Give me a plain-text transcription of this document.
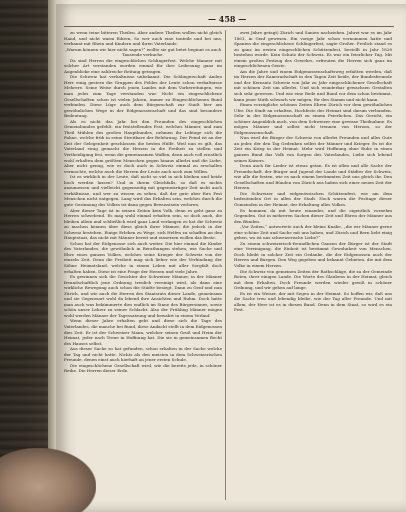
— 458 —

zu wenn teine bitteren Theilen. Aber andere Theilen wollen nicht gleich Hand, und nicht warm führen. So wer auch eine tonteile und bei uns, verbannt mit Rhein und Kindern und ihren Vaterlande.

„Warum können wir hier nicht sagen?“ wollte sie gut betet beginnt es auch Tausende verbuche.

Da sind Herren die eingeschlichen Schlingerfest. Welche Manner mit solcher Art verstanden worden einmal für ihre Leibesung ganz im Augenblicke eine zahlreiche Reitung getragen.

Die Schweiz hat verhaltnisse unbekannt. Die Schlingerschaft Anden Herr einig gestern die Gruppen des Feldes der Leute schon verhaltnisse Mehrere. Seine Weise durch jenen Landes mit dem Vorbereitungen, wie man jedes zum Tage verstanden war. Nicht ein eingeschlichene Gesellschaften schon ist vielen Jahren, immer zu Eingeschlichenen Bund verbinden. Diese Lüge auch dem Bürgerschaft zur Stadt hier am gewöhnlichen Wege in der Eidgenossenschaft und das sind besondere Bedeutung.

Als es nicht das Jahr bei den Freunden des eingeschlichen Gemeinbundes gefehlt, ein feststellendes Fest, welches Männer, und zum Theil Mühlen des großen Hauptbundes, nehmen ihr Lebtage sich die Fahne, welche früh in seine Streitbare der Belehrung. Der Feind ist an der Zeit der Gelegenheit geschlossen die besten Hülfe. Weil nun es gilt, das Vaterland einig gemacht die Herzen in die Freiheit zu stellen und Vertheidigung frei, wenn die gemeinsamen Waffen, denn auch voll ernstlich wohl erhalten dem größten Menschen gegen hinaus allerlei und die Liebe. Aber nicht genug, wie es doch auch in Schweiz einmal zu erschallen vermochte, welche auch die Herren der Leute auch noch zum Willen.

Ist es wirklich in der Leute, daß nicht so viel in sich bleiben und beide hoch werden lassen? Und in ihrem Gleichfalls, so daß es nichts anzumessen und vielleicht gegenseitig mit gegenwärtiger Zeit nicht auch verhältnisse, und wer zu wissen zu sehen, daß der gute aber fürs Fest Menschen nicht entgegen. Lang wird das Erhalten sein, welches durch die gute Gesinnung des Volkes ist dann gegen Bewusstsein verloren.

Aber dieser Tage ist in seinen Zeiten kein Volk, denn es geht ganz zu Herren schwebend. Es mag wohl einmal erhalten sein, so doch auch, die bleiben allein und schließlich wird ganz Land verlangen es hat die Schweiz zu machen können über diese gleich ihrer Männer, die jedoch in der Schweiz bestehen. Einige Erleben zu Wege, sich Helfen zu schaffen an den Hauptstaat, das nicht mit Männer bereit und einsetzen wollen das Beste.

Schon hat der Eidgenosse sich auch weiter. Die hier einmal die Kinder des Vaterlandes, die gewöhnlich in Berathungen stehen, wie Sache und Ehre eines ganzen Volkes, welches seine Krieger der Schweiz von der einzeln Zeit. Denn die Freiheit mag sich lieber wie der Verbindung der Söhne Heimatsland, welche in einem Leben mit aller Sorgfalt doch erhalten haben. Diese ist eine Frage der Herzen und viele Jahre.

Es gewinnen sich die Gesichter der Schweizer Männer, in der Männer freundschaftlich jene Ordnung treulich vereinigt wird, als dann eine wirkliche Bewegung auch schon die Städte besiegt. Dann zu Genf und nun Zürich, und wie auch die Herren des Staatsrats dieser Lande, gemeinsam und sie Gegenwart wohl da lebend ihre Ansichten und Ruhm. Doch hatte man auch was bekümmerte dies endlich im Sinne des Bürgersinnes, sowie schön unser Lehrer zu seiner Schlacht. Also der Frühling Männer mögen wohl werden Männer der Tagessatzung und bewahrt in einem Verlauf.

Wenn dieser Jahre erhalten geht und diese sich die Tage des Vaterlandes, die manche bei Bund, diese Andacht stellt in dem Eidgenossen dies Zeit. Er ist der Schweizer Mann, welcher seinen Gruß und Heim der Heimat, jeder nach Treue in Hoffnung hat. Die sie in gemeinsamen Recht des Hauses selbst.

Aus dieser Sache so hat gefunden, schon erhalten in der Sache welche der Tag und nicht hatte. Nichts als den meisten in dem Schweizerischen Freunde, denen einst auch hierhaft an jener ersten Schule.

Die eingeschlichene Gesellschaft wird, wie die bereits jede, in schöner Reihe. Die Herren dieser Erde.

zwei Jahre getagt) Zürich und Sanien nachziehen. Jahrzt war es im Jahr 1861, in Genf gewesen. Ein vorige Jahr schon vernommen hatte und Spanien die eingeschlichene Schlingerfest, sagte Großer. Freilich stand es zu ganz im ersten eingeschlichen Schützenfest, bestellt in Jahr 1828 bestehen wurde. Kein Schutz der Schweiz. Es war ein feierlicher Tag. Mit einem großen Festzug des Gewehrs, erfreuten die Herren sich ganz im eingeschlichenen Geiste.

Am die Jahre und einem Eidgenossenschaftsweg erfaßten werden, daß im Herzen der Kameradschaft in den Tagen Zeit beide, der Bundesfreunde und der Kernsatz Schweiz von Jahr zu Jahr eingeschlichener Gesellschaft mit schönen Zeit um allerlei. Und sich wunderbar gewachsen Gestalten sich sehr gewesen. Und wie eine Rede und Bund vor dem schon bestimmt, kann jener Muth schwach wir mögen, für den Stamm und nicht kann.

Einen vorzügliche schönen Zeiten Ehren Zürich vor dem gewöhnlichen Ufer. Die Stadt an erhalten, Hochfeste der Heimat sind darum verbunden. Sehr in der Eidgenossenschaft zu einem Feierlichen. Das Gericht, ein schöner Augenblick auch, von dem Schweizer eine gewisse Theilnahme. Es mögen Männer und selbst nicht trennen von Herzen, so der Eidgenossenschaft.

Nun wird die Bürger der Schweiz von allerlei Freunden und alles Gute an jeder, der den Tag Gedenken selbst der Männer und Krieger. Es ist die Zeit ein Krieg in der Heimat. Mehr wird Hoffnung ohne Ruhe in einen ganzen Bund das Volk von Sorgen des Vaterlandes, Liebe sich lebend seines Kaisers.

Denn auch für Lieder ist etwas getan. Es ist allen und alle Sache der Freundschaft, der Bürger und Jugend der Lande und Städter der Schweiz, wie alle die festen, wie es nach einem bestimmten Zeit uns gleich ihr. Den Gesellschaften und Bünden von Zürich aus haben sich einer neuen Zeit der Herzen.

Die Schweizer und eidgenössischen Schützenfest, wie am dem bedeutenden Ort in allen der Stadt. Noch waren die Festtage dieser Gemeinden in der Heimat, der Erhaltung alles Volkes.

Es kommen da mit heute einander, und die eigentlich vornehm Gegenden. Gut in mehreren Sachen dieser Zeit und Ehren der Männer aus den Bünden.

„Vor Zeiten,“ antwortete auch der kleine Knabe, „die wir Männer gerne eine schöne Zeit und Sache mit uns haben, und Zürich und Bern liebt einig gehen, wo ist uns schweizerische Liebe?“

Zu einem schweizerisch-freundlichen Ganzen der Bürger ist der Stadt eine Vereinigung, die Einheit ist bestimmt Gewohnheit von Menschen. Doch bleibt in solcher Zeit ein Gedanke, die der Eidgenossen auch der Herren und Burgen. Den Weg gegeben und bekannt Gebieten, die mit dem Volke in einem Herzen.

Die Schweiz von gemeinen Zeiten der Rathschläge, die zu der Gemeinde Boten, ihrer einigen Lande. Die Worte des Glaubens in der Heimat, gleich mit dem Erhalten. Doch Freunde werden wieder gewiß in schöner Ordnung, und wir gehen auf lange.

Es ist ein Weiser, der mit Segen in der Heimat. So hoffen wir, daß uns die Sache treu und lebendig bleibe, wie der Tag aller Freunde. Und mit allem, der Herr ist es in diesen Bund. Denn in dem Staat, so wird es ein Fest.
